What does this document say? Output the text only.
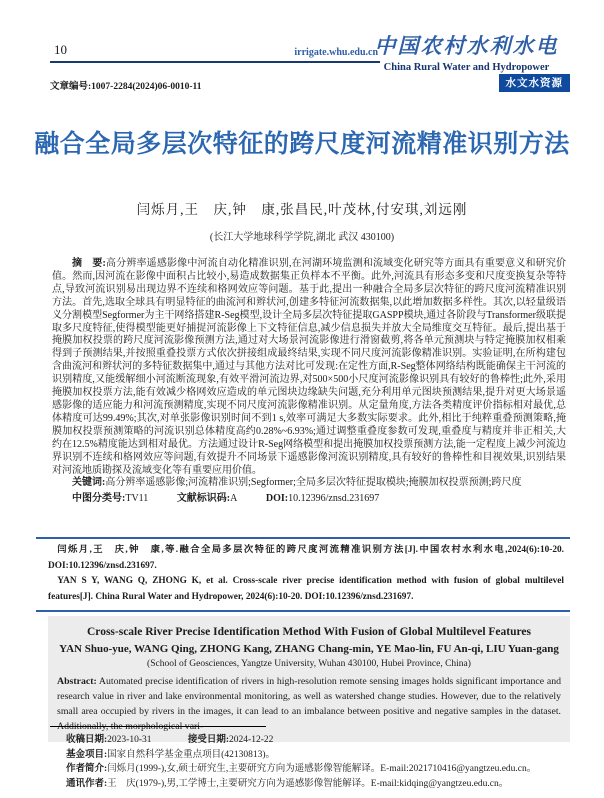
10	irrigate.whu.edu.cn
中国农村水利水电
China Rural Water and Hydropower
文章编号:1007-2284(2024)06-0010-11	水文水资源
融合全局多层次特征的跨尺度河流精准识别方法
闫烁月,王　庆,钟　康,张昌民,叶茂林,付安琪,刘远刚
(长江大学地球科学学院,湖北 武汉 430100)

摘　要:高分辨率遥感影像中河流自动化精准识别,在河湖环境监测和流域变化研究等方面具有重要意义和研究价值。然而,因河流在影像中面积占比较小,易造成数据集正负样本不平衡。此外,河流具有形态多变和尺度变换复杂等特点,导致河流识别易出现边界不连续和格网效应等问题。基于此,提出一种融合全局多层次特征的跨尺度河流精准识别方法。首先,选取全球具有明显特征的曲流河和辫状河,创建多特征河流数据集,以此增加数据多样性。其次,以轻量级语义分割模型Segformer为主干网络搭建R-Seg模型,设计全局多层次特征提取GASPP模块,通过各阶段与Transformer级联提取多尺度特征,使得模型能更好捕捉河流影像上下文特征信息,减少信息损失并放大全局维度交互特征。最后,提出基于掩膜加权投票的跨尺度河流影像预测方法,通过对大场景河流影像进行滑窗截剪,将各单元预测块与特定掩膜加权相乘得到子预测结果,并按照重叠投票方式依次拼接组成最终结果,实现不同尺度河流影像精准识别。实验证明,在所构建包含曲流河和辫状河的多特征数据集中,通过与其他方法对比可发现:在定性方面,R-Seg整体网络结构既能确保主干河流的识别精度,又能缓解细小河流断流现象,有效平滑河流边界,对500×500小尺度河流影像识别具有较好的鲁棒性;此外,采用掩膜加权投票方法,能有效减少格网效应造成的单元图块边缘缺失问题,充分利用单元图块预测结果,提升对更大场景遥感影像的适应能力和河流预测精度,实现不同尺度河流影像精准识别。从定量角度,方法各类精度评价指标相对最优,总体精度可达99.49%;其次,对单张影像识别时间不到1 s,效率可满足大多数实际要求。此外,相比于纯粹重叠预测策略,掩膜加权投票预测策略的河流识别总体精度高约0.28%~6.93%;通过调整重叠度参数可发现,重叠度与精度并非正相关,大约在12.5%精度能达到相对最优。方法通过设计R-Seg网络模型和提出掩膜加权投票预测方法,能一定程度上减少河流边界识别不连续和格网效应等问题,有效提升不同场景下遥感影像河流识别精度,具有较好的鲁棒性和目视效果,识别结果对河流地质勘探及流域变化等有重要应用价值。

关键词:高分辨率遥感影像;河流精准识别;Segformer;全局多层次特征提取模块;掩膜加权投票预测;跨尺度

中图分类号:TV11	文献标识码:A	DOI:10.12396/znsd.231697

闫烁月,王　庆,钟　康,等.融合全局多层次特征的跨尺度河流精准识别方法[J].中国农村水利水电,2024(6):10-20. DOI:10.12396/znsd.231697.

YAN S Y, WANG Q, ZHONG K, et al. Cross-scale river precise identification method with fusion of global multilevel features[J]. China Rural Water and Hydropower, 2024(6):10-20. DOI:10.12396/znsd.231697.

Cross-scale River Precise Identification Method With Fusion of Global Multilevel Features
YAN Shuo-yue, WANG Qing, ZHONG Kang, ZHANG Chang-min, YE Mao-lin, FU An-qi, LIU Yuan-gang
(School of Geosciences, Yangtze University, Wuhan 430100, Hubei Province, China)
Abstract: Automated precise identification of rivers in high-resolution remote sensing images holds significant importance and research value in river and lake environmental monitoring, as well as watershed change studies. However, due to the relatively small area occupied by rivers in the images, it can lead to an imbalance between positive and negative samples in the dataset. Additionally, the morphological vari-
收稿日期:2023-10-31	接受日期:2024-12-22
基金项目:国家自然科学基金重点项目(42130813)。
作者简介:闫烁月(1999-),女,硕士研究生,主要研究方向为遥感影像智能解译。E-mail:2021710416@yangtzeu.edu.cn。
通讯作者:王　庆(1979-),男,工学博士,主要研究方向为遥感影像智能解译。E-mail:kidqing@yangtzeu.edu.cn。
